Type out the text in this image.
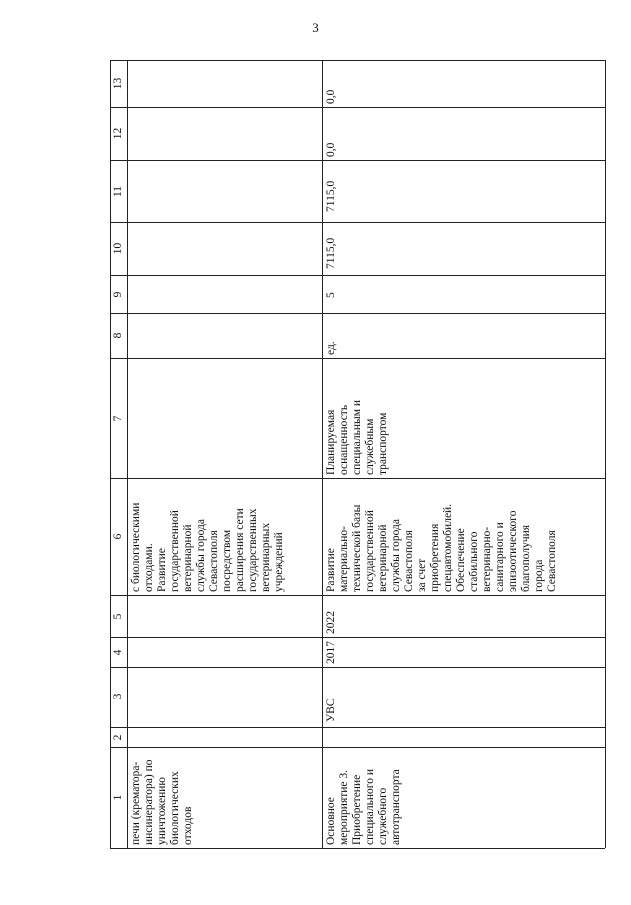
3
13
12
11
10
9
8
7
6
5
4
3
2
1
печи (крематора-
инсинератора) по
уничтожению
биологических
отходов
с биологическими
отходами.
Развитие
государственной
ветеринарной
службы города
Севастополя
посредством
расширения сети
государственных
ветеринарных
учреждений
Основное
мероприятие 3.
Приобретение
специального и
служебного
автотранспорта
УВС
2017
2022
Развитие
материально-
технической базы
государственной
ветеринарной
службы города
Севастополя
за счет
приобретения
спецавтомобилей.
Обеспечение
стабильного
ветеринарно-
санитарного и
эпизоотического
благополучия
города
Севастополя
Планируемая
оснащенность
специальным и
служебным
транспортом
ед.
5
7115,0
7115,0
0,0
0,0
